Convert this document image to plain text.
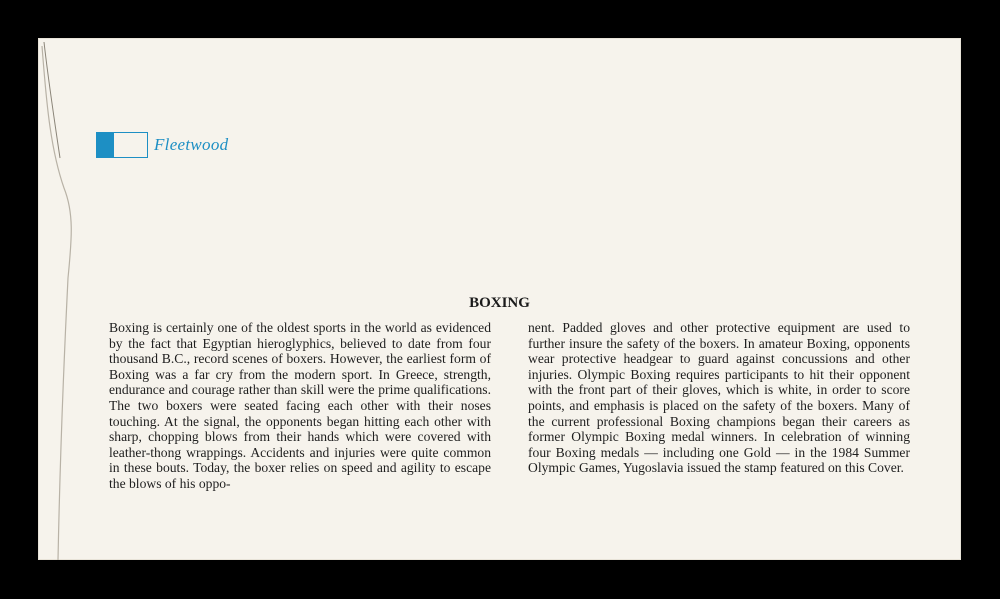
Fleetwood
BOXING

Boxing is certainly one of the oldest sports in the world as evidenced by the fact that Egyptian hieroglyphics, believed to date from four thousand B.C., record scenes of boxers. However, the earliest form of Boxing was a far cry from the modern sport. In Greece, strength, endurance and courage rather than skill were the prime qualifications. The two boxers were seated facing each other with their noses touching. At the signal, the opponents began hitting each other with sharp, chopping blows from their hands which were covered with leather-thong wrappings. Accidents and injuries were quite common in these bouts. Today, the boxer relies on speed and agility to escape the blows of his oppo-

nent. Padded gloves and other protective equipment are used to further insure the safety of the boxers. In amateur Boxing, opponents wear protective headgear to guard against concussions and other injuries. Olympic Boxing requires participants to hit their opponent with the front part of their gloves, which is white, in order to score points, and emphasis is placed on the safety of the boxers. Many of the current professional Boxing champions began their careers as former Olympic Boxing medal winners. In celebration of winning four Boxing medals — including one Gold — in the 1984 Summer Olympic Games, Yugoslavia issued the stamp featured on this Cover.
